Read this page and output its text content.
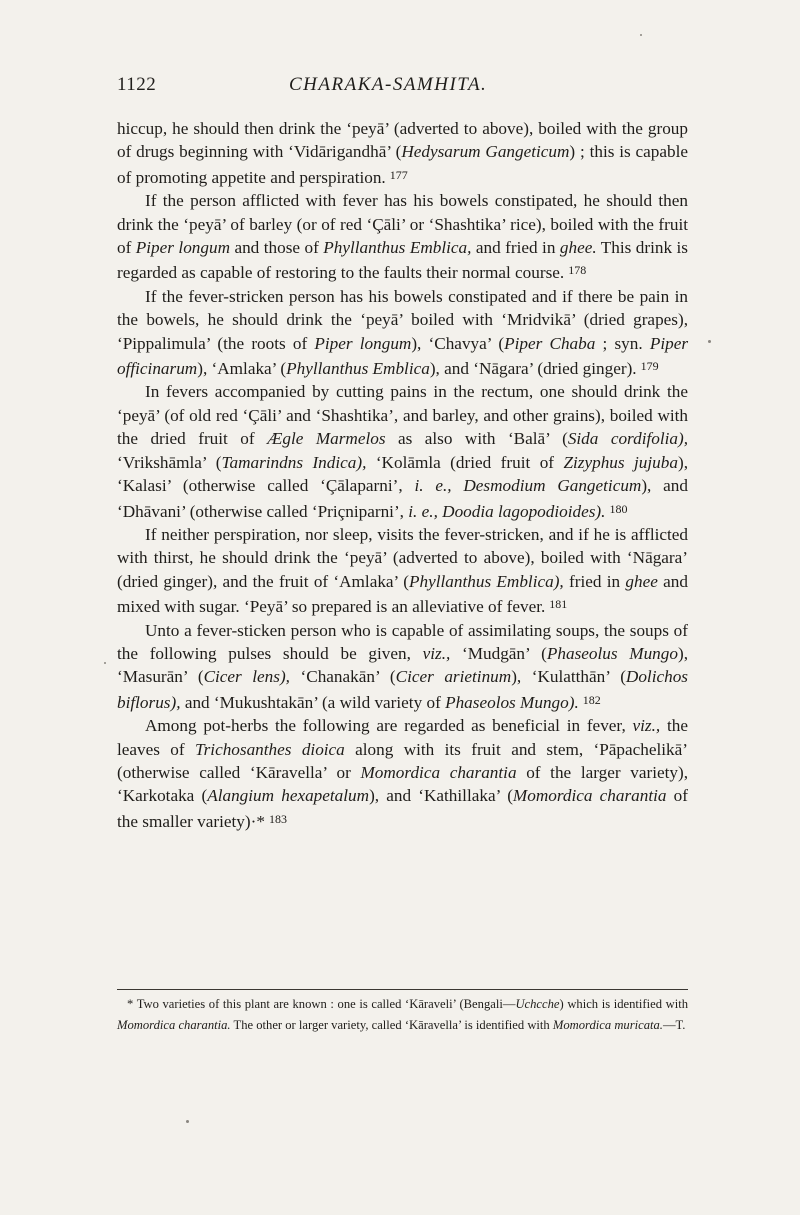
1122	CHARAKA-SAMHITA.

hiccup, he should then drink the ‘peyā’ (adverted to above), boiled with the group of drugs beginning with ‘Vidārigandhā’ (Hedysarum Gangeticum) ; this is capable of promoting appetite and perspiration. $^{177}$

If the person afflicted with fever has his bowels constipated, he should then drink the ‘peyā’ of barley (or of red ‘Çāli’ or ‘Shashtika’ rice), boiled with the fruit of Piper longum and those of Phyllanthus Emblica, and fried in ghee. This drink is regarded as capable of restoring to the faults their normal course. $^{178}$

If the fever-stricken person has his bowels constipated and if there be pain in the bowels, he should drink the ‘peyā’ boiled with ‘Mridvikā’ (dried grapes), ‘Pippalimula’ (the roots of Piper longum), ‘Chavya’ (Piper Chaba ; syn. Piper officinarum), ‘Amlaka’ (Phyllanthus Emblica), and ‘Nāgara’ (dried ginger). $^{179}$

In fevers accompanied by cutting pains in the rectum, one should drink the ‘peyā’ (of old red ‘Çāli’ and ‘Shashtika’, and barley, and other grains), boiled with the dried fruit of Ægle Marmelos as also with ‘Balā’ (Sida cordifolia), ‘Vrikshāmla’ (Tamarindns Indica), ‘Kolāmla (dried fruit of Zizyphus jujuba), ‘Kalasi’ (otherwise called ‘Çālaparni’, i. e., Desmodium Gangeticum), and ‘Dhāvani’ (otherwise called ‘Priçniparni’, i. e., Doodia lagopodioides). $^{180}$

If neither perspiration, nor sleep, visits the fever-stricken, and if he is afflicted with thirst, he should drink the ‘peyā’ (adverted to above), boiled with ‘Nāgara’ (dried ginger), and the fruit of ‘Amlaka’ (Phyllanthus Emblica), fried in ghee and mixed with sugar. ‘Peyā’ so prepared is an alleviative of fever. $^{181}$

Unto a fever-sticken person who is capable of assimilating soups, the soups of the following pulses should be given, viz., ‘Mudgān’ (Phaseolus Mungo), ‘Masurān’ (Cicer lens), ‘Chanakān’ (Cicer arietinum), ‘Kulatthān’ (Dolichos biflorus), and ‘Mukushtakān’ (a wild variety of Phaseolos Mungo). $^{182}$

Among pot-herbs the following are regarded as beneficial in fever, viz., the leaves of Trichosanthes dioica along with its fruit and stem, ‘Pāpachelikā’ (otherwise called ‘Kāravella’ or Momordica charantia of the larger variety), ‘Karkotaka (Alangium hexapetalum), and ‘Kathillaka’ (Momordica charantia of the smaller variety)·* $^{183}$

* Two varieties of this plant are known : one is called ‘Kāraveli’ (Bengali—Uchcche) which is identified with Momordica charantia. The other or larger variety, called ‘Kāravella’ is identified with Momordica muricata.—T.
